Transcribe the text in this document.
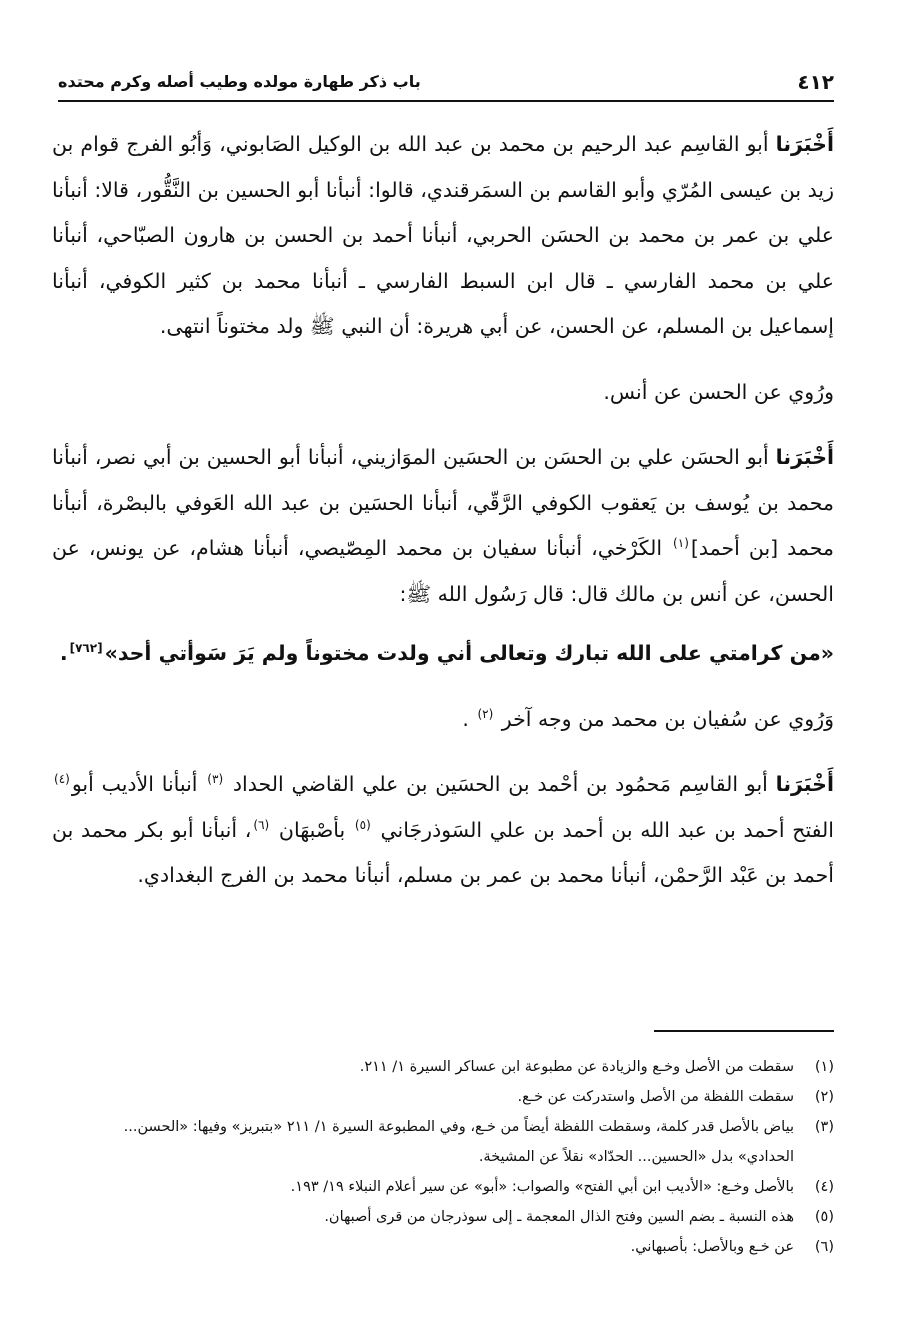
٤١٢
باب ذكر طهارة مولده وطيب أصله وكرم محتده

أَخْبَرَنا أبو القاسِم عبد الرحيم بن محمد بن عبد الله بن الوكيل الصَابوني، وَأبُو الفرج قوام بن زيد بن عيسى المُرّي وأبو القاسم بن السمَرقندي، قالوا: أنبأنا أبو الحسين بن النَّقُّور، قالا: أنبأنا علي بن عمر بن محمد بن الحسَن الحربي، أنبأنا أحمد بن الحسن بن هارون الصبّاحي، أنبأنا علي بن محمد الفارسي ـ قال ابن السبط الفارسي ـ أنبأنا محمد بن كثير الكوفي، أنبأنا إسماعيل بن المسلم، عن الحسن، عن أبي هريرة: أن النبي ﷺ ولد مختوناً انتهى.

ورُوي عن الحسن عن أنس.

أَخْبَرَنا أبو الحسَن علي بن الحسَن بن الحسَين الموَازيني، أنبأنا أبو الحسين بن أبي نصر، أنبأنا محمد بن يُوسف بن يَعقوب الكوفي الرَّقّي، أنبأنا الحسَين بن عبد الله العَوفي بالبصْرة، أنبأنا محمد [بن أحمد]$^{(١)}$ الكَرْخي، أنبأنا سفيان بن محمد المِصّيصي، أنبأنا هشام، عن يونس، عن الحسن، عن أنس بن مالك قال: قال رَسُول الله ﷺ:

«من كرامتي على الله تبارك وتعالى أني ولدت مختوناً ولم يَرَ سَوأتي أحد»[٧٦٢].

وَرُوي عن سُفيان بن محمد من وجه آخر $^{(٢)}$ .

أَخْبَرَنا أبو القاسِم مَحمُود بن أحْمد بن الحسَين بن علي القاضي الحداد $^{(٣)}$ أنبأنا الأديب أبو$^{(٤)}$ الفتح أحمد بن عبد الله بن أحمد بن علي السَوذرجَاني $^{(٥)}$ بأصْبهَان $^{(٦)}$، أنبأنا أبو بكر محمد بن أحمد بن عَبْد الرَّحمْن، أنبأنا محمد بن عمر بن مسلم، أنبأنا محمد بن الفرج البغدادي.

(١)
سقطت من الأصل وخـع والزيادة عن مطبوعة ابن عساكر السيرة ١/ ٢١١.
(٢)
سقطت اللفظة من الأصل واستدركت عن خـع.
(٣)
بياض بالأصل قدر كلمة، وسقطت اللفظة أيضاً من خـع، وفي المطبوعة السيرة ١/ ٢١١ «بتبريز» وفيها: «الحسن... الحدادي» بدل «الحسين... الحدّاد» نقلاً عن المشيخة.
(٤)
بالأصل وخـع: «الأديب ابن أبي الفتح» والصواب: «أبو» عن سير أعلام النبلاء ١٩/ ١٩٣.
(٥)
هذه النسبة ـ بضم السين وفتح الذال المعجمة ـ إلى سوذرجان من قرى أصبهان.
(٦)
عن خـع وبالأصل: بأصبهاني.
